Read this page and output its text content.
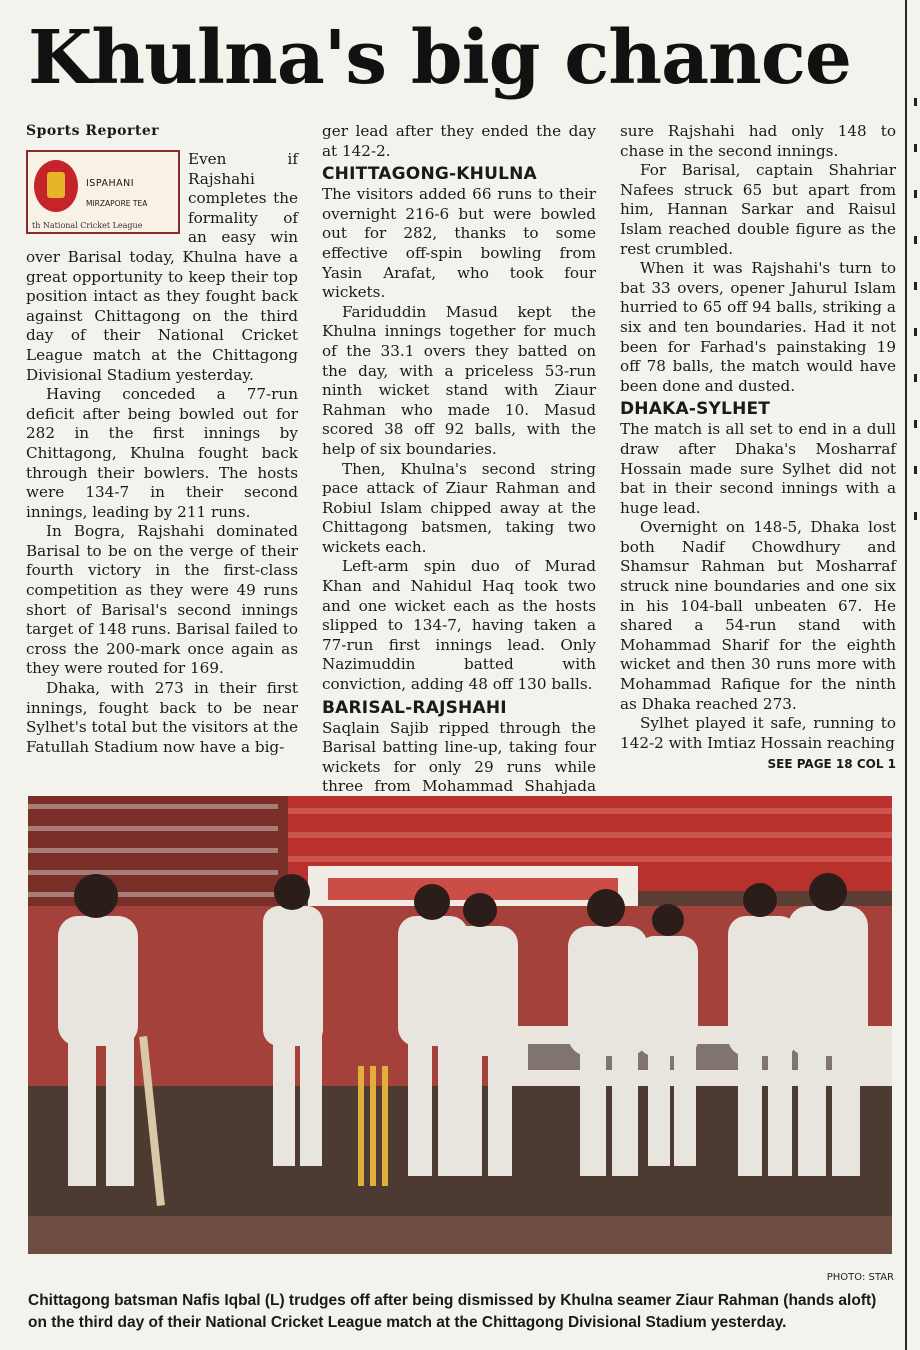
Khulna's big chance
Sports Reporter
ISPAHANI
MIRZAPORE TEA
th National Cricket League

Even if Rajshahi completes the formality of an easy win over Barisal today, Khulna have a great opportunity to keep their top position intact as they fought back against Chittagong on the third day of their National Cricket League match at the Chittagong Divisional Stadium yesterday.

Having conceded a 77-run deficit after being bowled out for 282 in the first innings by Chittagong, Khulna fought back through their bowlers. The hosts were 134-7 in their second innings, leading by 211 runs.

In Bogra, Rajshahi dominated Barisal to be on the verge of their fourth victory in the first-class competition as they were 49 runs short of Barisal's second innings target of 148 runs. Barisal failed to cross the 200-mark once again as they were routed for 169.

Dhaka, with 273 in their first innings, fought back to be near Sylhet's total but the visitors at the Fatullah Stadium now have a big-

ger lead after they ended the day at 142-2.

CHITTAGONG-KHULNA

The visitors added 66 runs to their overnight 216-6 but were bowled out for 282, thanks to some effective off-spin bowling from Yasin Arafat, who took four wickets.

Fariduddin Masud kept the Khulna innings together for much of the 33.1 overs they batted on the day, with a priceless 53-run ninth wicket stand with Ziaur Rahman who made 10. Masud scored 38 off 92 balls, with the help of six boundaries.

Then, Khulna's second string pace attack of Ziaur Rahman and Robiul Islam chipped away at the Chittagong batsmen, taking two wickets each.

Left-arm spin duo of Murad Khan and Nahidul Haq took two and one wicket each as the hosts slipped to 134-7, having taken a 77-run first innings lead. Only Nazimuddin batted with conviction, adding 48 off 130 balls.

BARISAL-RAJSHAHI

Saqlain Sajib ripped through the Barisal batting line-up, taking four wickets for only 29 runs while three from Mohammad Shahjada

sure Rajshahi had only 148 to chase in the second innings.

For Barisal, captain Shahriar Nafees struck 65 but apart from him, Hannan Sarkar and Raisul Islam reached double figure as the rest crumbled.

When it was Rajshahi's turn to bat 33 overs, opener Jahurul Islam hurried to 65 off 94 balls, striking a six and ten boundaries. Had it not been for Farhad's painstaking 19 off 78 balls, the match would have been done and dusted.

DHAKA-SYLHET

The match is all set to end in a dull draw after Dhaka's Mosharraf Hossain made sure Sylhet did not bat in their second innings with a huge lead.

Overnight on 148-5, Dhaka lost both Nadif Chowdhury and Shamsur Rahman but Mosharraf struck nine boundaries and one six in his 104-ball unbeaten 67. He shared a 54-run stand with Mohammad Sharif for the eighth wicket and then 30 runs more with Mohammad Rafique for the ninth as Dhaka reached 273.

Sylhet played it safe, running to 142-2 with Imtiaz Hossain reaching

SEE PAGE 18 COL 1
PHOTO: STAR
Chittagong batsman Nafis Iqbal (L) trudges off after being dismissed by Khulna seamer Ziaur Rahman (hands aloft) on the third day of their National Cricket League match at the Chittagong Divisional Stadium yesterday.
